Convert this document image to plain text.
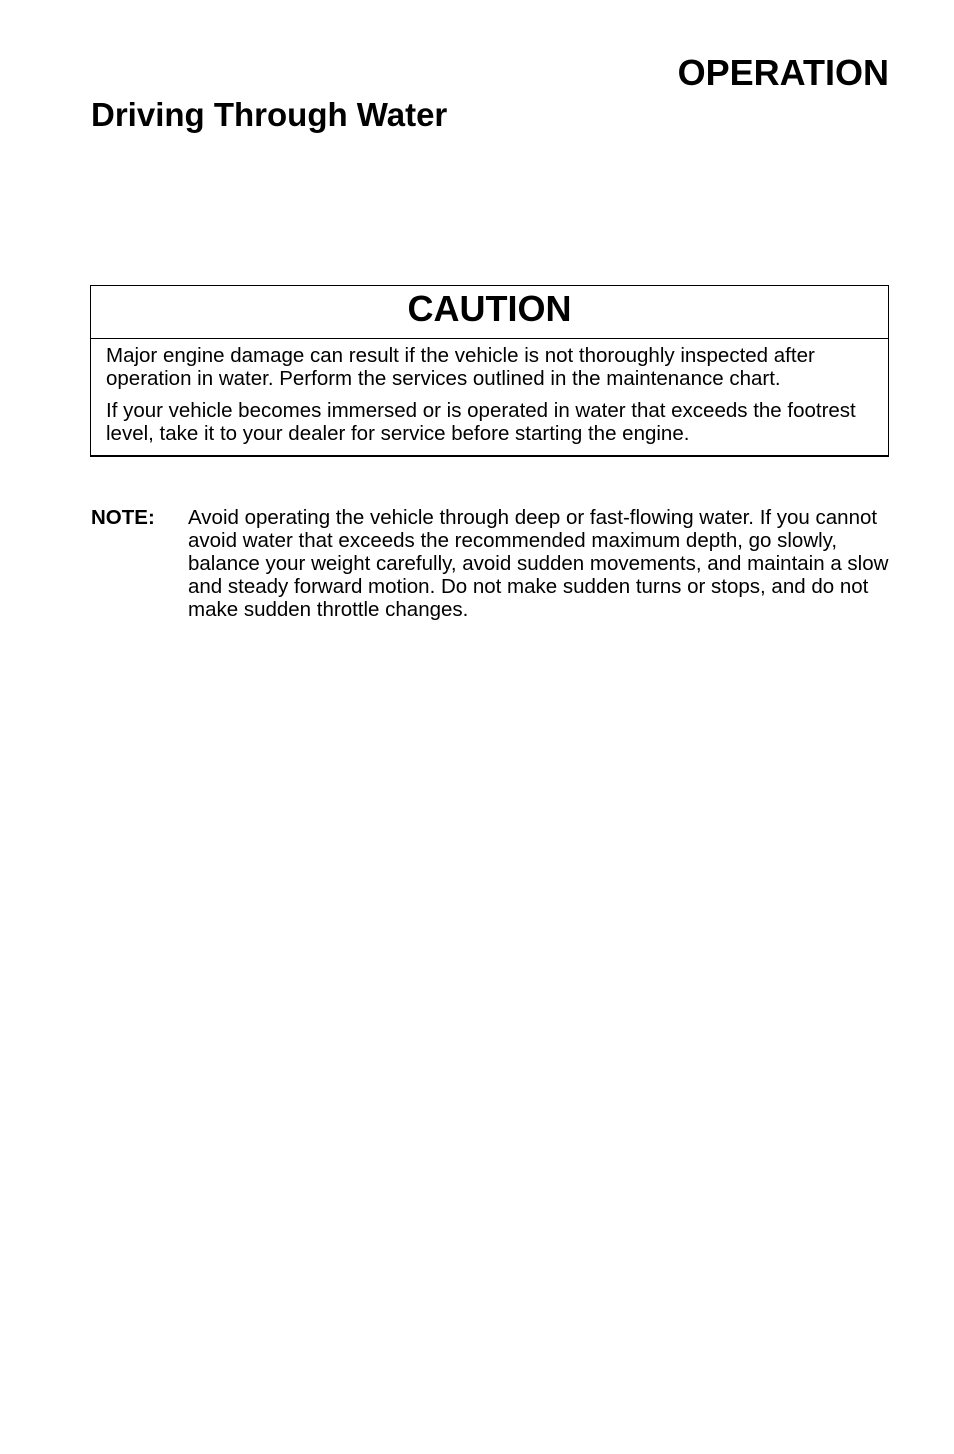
OPERATION
Driving Through Water
CAUTION

Major engine damage can result if the vehicle is not thoroughly inspected after operation in water. Perform the services outlined in the maintenance chart.

If your vehicle becomes immersed or is operated in water that exceeds the footrest level, take it to your dealer for service before starting the engine.

NOTE:	Avoid operating the vehicle through deep or fast-flowing water. If you cannot avoid water that exceeds the recommended maximum depth, go slowly, balance your weight carefully, avoid sudden movements, and maintain a slow and steady forward motion. Do not make sudden turns or stops, and do not make sudden throttle changes.
